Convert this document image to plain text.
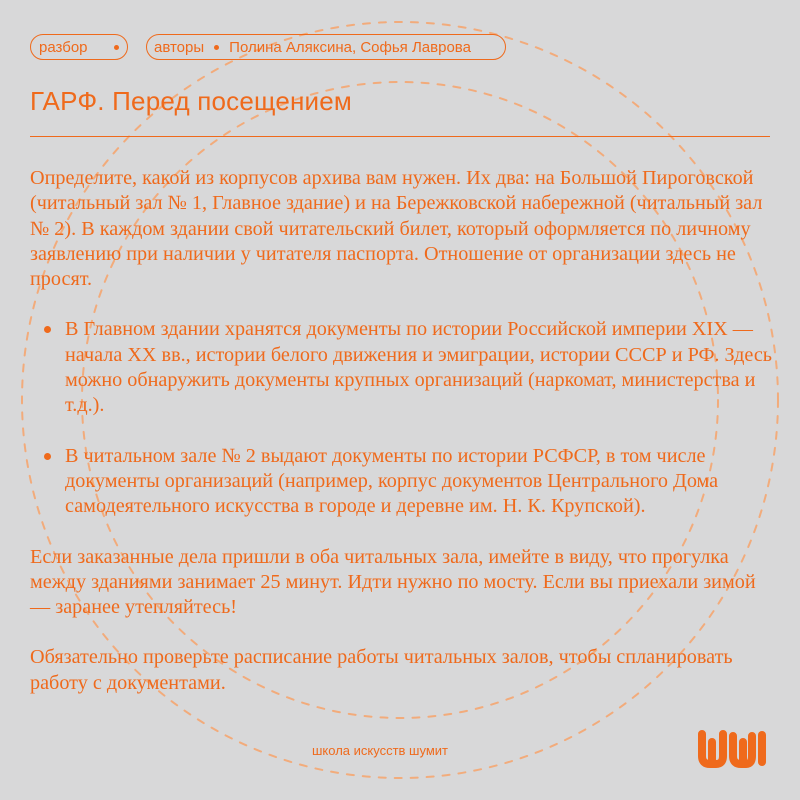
разбор	авторы Полина Аляксина, Софья Лаврова
ГАРФ. Перед посещением

Определите, какой из корпусов архива вам нужен. Их два: на Большой Пироговской (читальный зал № 1, Главное здание) и на Бережковской набережной (читальный зал № 2). В каждом здании свой читательский билет, который оформляется по личному заявлению при наличии у читателя паспорта. Отношение от организации здесь не просят.

В Главном здании хранятся документы по истории Российской империи XIX — начала XX вв., истории белого движения и эмиграции, истории СССР и РФ. Здесь можно обнаружить документы крупных организаций (наркомат, министерства и т.д.).
В читальном зале № 2 выдают документы по истории РСФСР, в том числе документы организаций (например, корпус документов Центрального Дома самодеятельного искусства в городе и деревне им. Н. К. Крупской).

Если заказанные дела пришли в оба читальных зала, имейте в виду, что прогулка между зданиями занимает 25 минут. Идти нужно по мосту. Если вы приехали зимой — заранее утепляйтесь!

Обязательно проверьте расписание работы читальных залов, чтобы спланировать работу с документами.

школа искусств шумит
